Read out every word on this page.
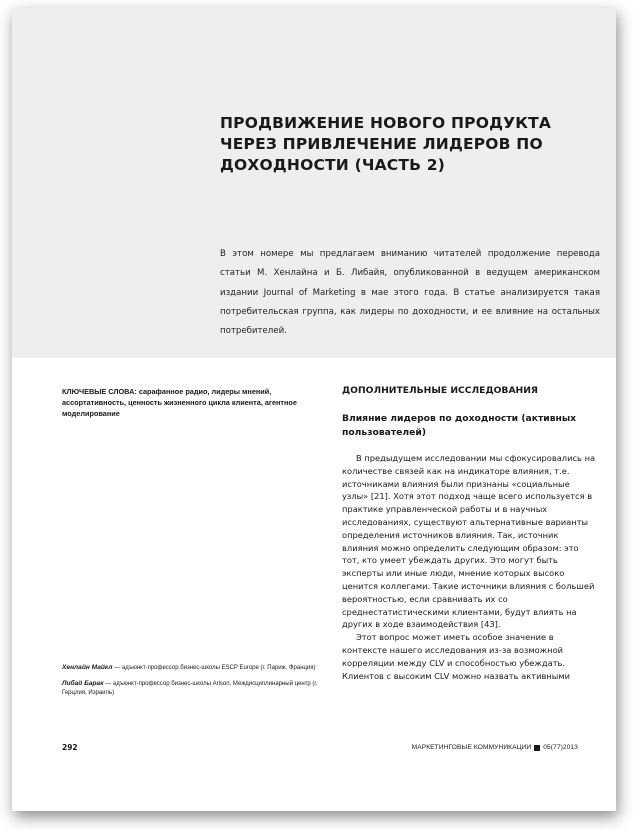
ПРОДВИЖЕНИЕ НОВОГО ПРОДУКТА ЧЕРЕЗ ПРИВЛЕЧЕНИЕ ЛИДЕРОВ ПО ДОХОДНОСТИ (ЧАСТЬ 2)

В этом номере мы предлагаем вниманию читателей продолжение перевода статьи М. Хенлайна и Б. Либайя, опубликованной в ведущем американском издании Journal of Marketing в мае этого года. В статье анализируется такая потребительская группа, как лидеры по доходности, и ее влияние на остальных потребителей.

КЛЮЧЕВЫЕ СЛОВА: сарафанное радио, лидеры мнений, ассортативность, ценность жизненного цикла клиента, агентное моделирование

ДОПОЛНИТЕЛЬНЫЕ ИССЛЕДОВАНИЯ
Влияние лидеров по доходности (активных пользователей)

В предыдущем исследовании мы сфокусировались на количестве связей как на индикаторе влияния, т.е. источниками влияния были признаны «социальные узлы» [21]. Хотя этот подход чаще всего используется в практике управленческой работы и в научных исследованиях, существуют альтернативные варианты определения источников влияния. Так, источник влияния можно определить следующим образом: это тот, кто умеет убеждать других. Это могут быть эксперты или иные люди, мнение которых высоко ценится коллегами. Такие источники влияния с большей вероятностью, если сравнивать их со среднестатистическими клиентами, будут влиять на других в ходе взаимодействия [43].

Этот вопрос может иметь особое значение в контексте нашего исследования из-за возможной корреляции между CLV и способностью убеждать. Клиентов с высоким CLV можно назвать активными

Хенлайн Майкл — адъюнкт-профессор бизнес-школы ESCP Europe (г. Париж, Франция)

Либай Барак — адъюнкт-профессор бизнес-школы Arison, Междисциплинарный центр (г. Герцлия, Израиль)

292	МАРКЕТИНГОВЫЕ КОММУНИКАЦИИ 05(77)2013
